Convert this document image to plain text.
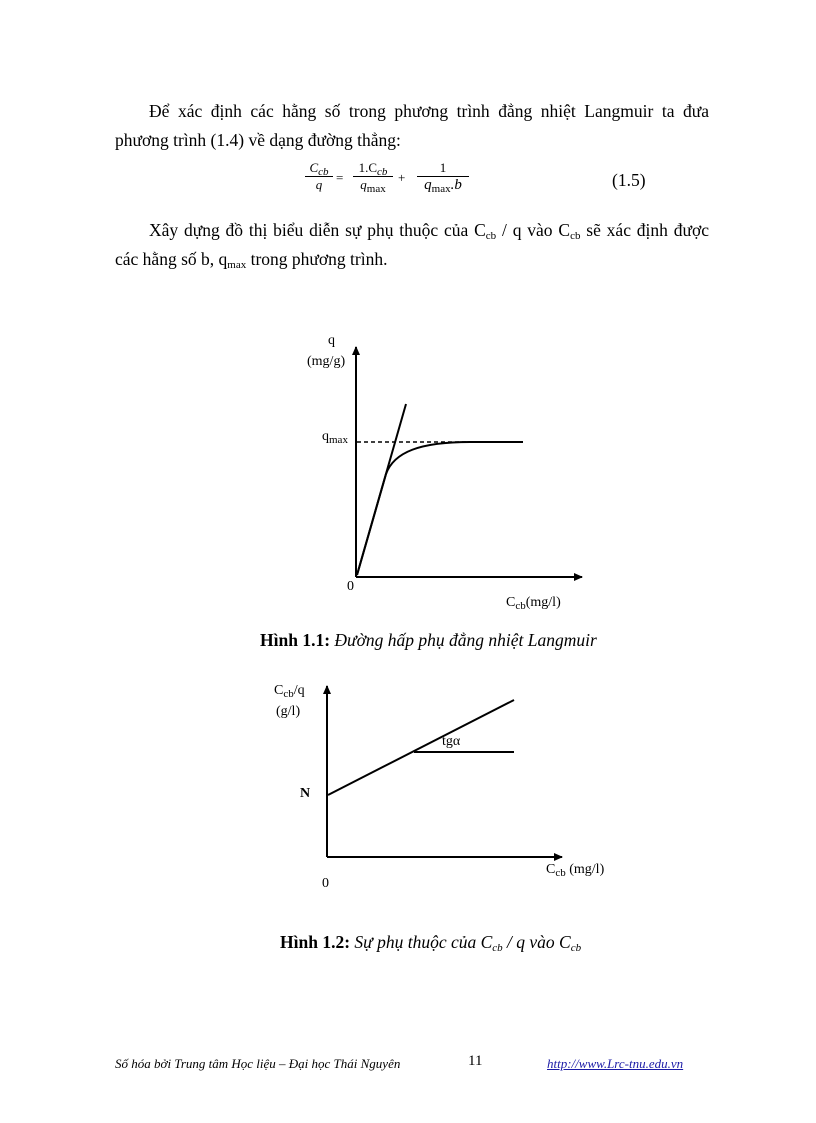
Để xác định các hằng số trong phương trình đẳng nhiệt Langmuir ta đưa phương trình (1.4) về dạng đường thẳng:
$C_{cb}$
q	=
$1.C_{cb}$
$q_{max}$
+
1
$q_{max}.b$	(1.5)
Xây dựng đồ thị biểu diễn sự phụ thuộc của $C_{cb}$ / q vào $C_{cb}$ sẽ xác định được các hằng số b, $q_{max}$ trong phương trình.
q
(mg/g)
$q_{max}$
0
$C_{cb}(mg/l)$
Hình 1.1: Đường hấp phụ đẳng nhiệt Langmuir
$C_{cb}/q$
(g/l)
tgα
N
0
$C_{cb}$ (mg/l)
Hình 1.2: Sự phụ thuộc của $C_{cb}$ / q vào $C_{cb}$
Số hóa bởi Trung tâm Học liệu – Đại học Thái Nguyên	11	http://www.Lrc-tnu.edu.vn
